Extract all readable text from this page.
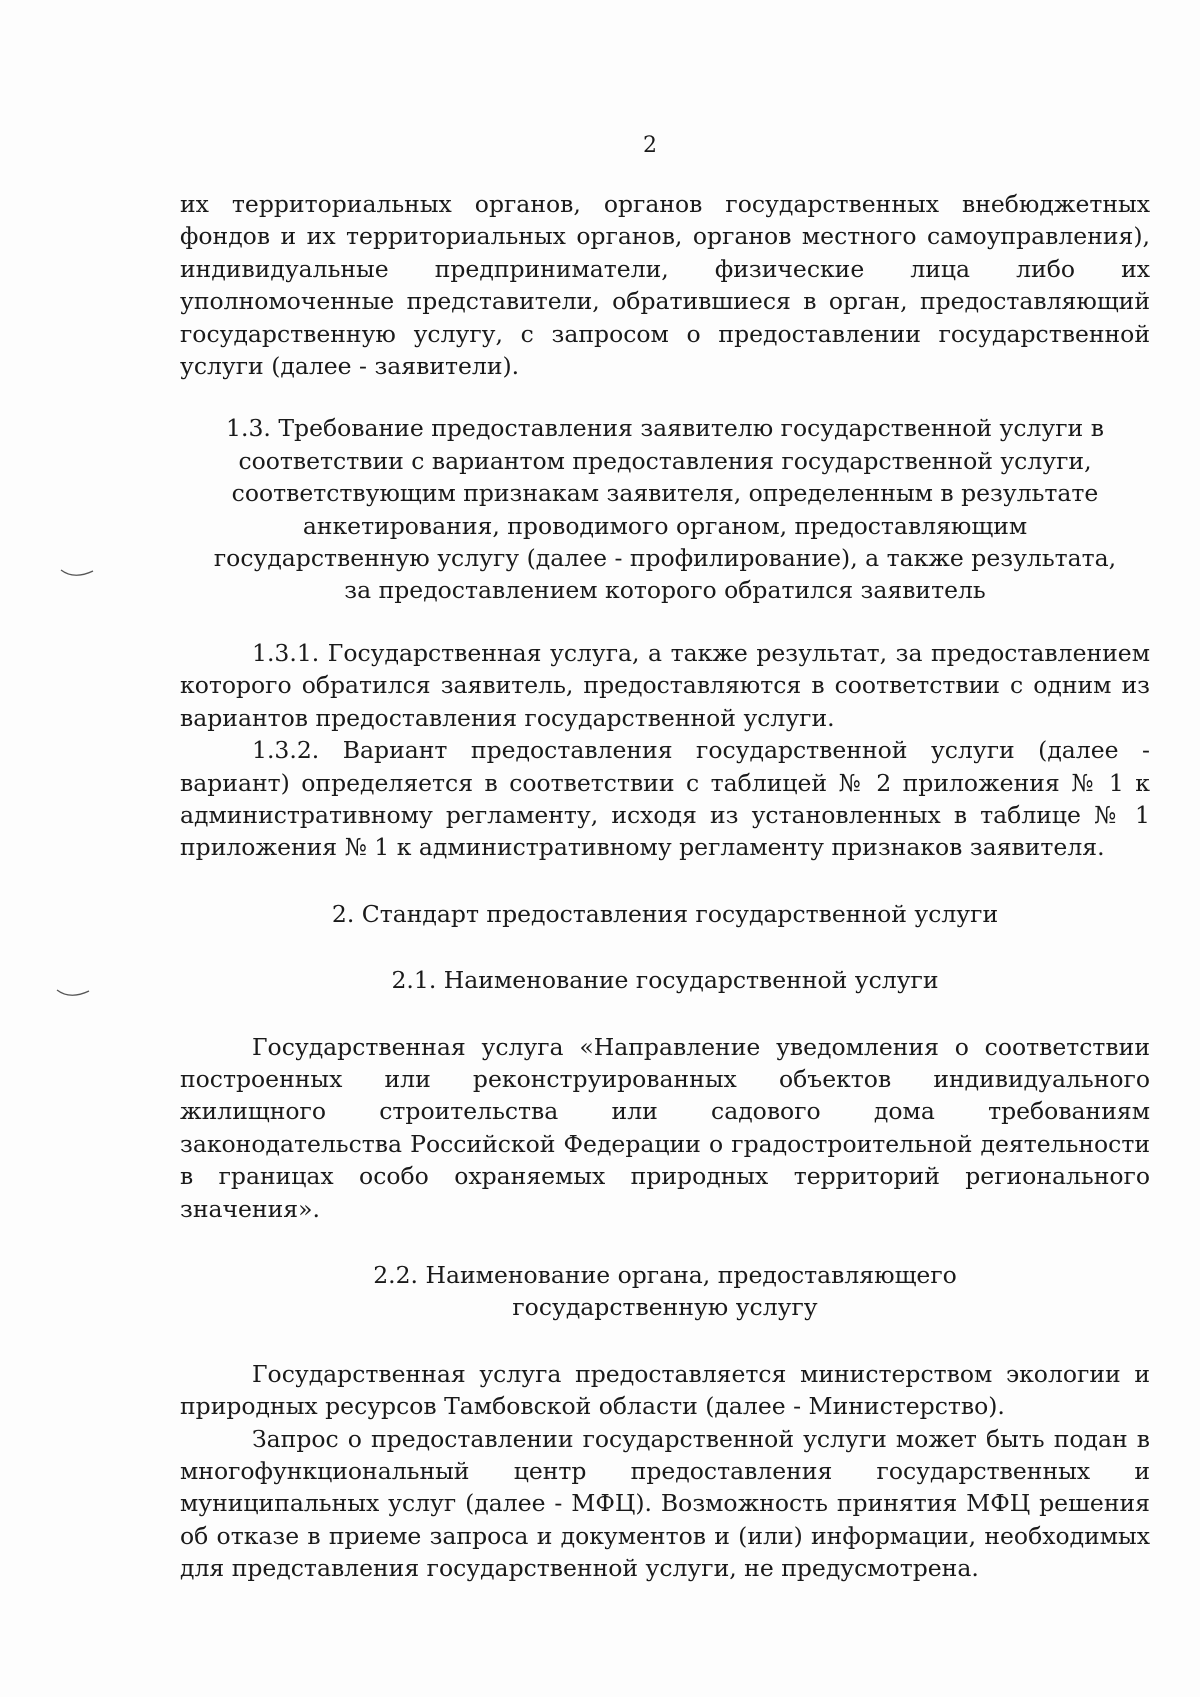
2

их территориальных органов, органов государственных внебюджетных фондов и их территориальных органов, органов местного самоуправления), индивидуальные предприниматели, физические лица либо их уполномоченные представители, обратившиеся в орган, предоставляющий государственную услугу, с запросом о предоставлении государственной услуги (далее - заявители).

1.3. Требование предоставления заявителю государственной услуги в соответствии с вариантом предоставления государственной услуги, соответствующим признакам заявителя, определенным в результате анкетирования, проводимого органом, предоставляющим государственную услугу (далее - профилирование), а также результата, за предоставлением которого обратился заявитель

1.3.1. Государственная услуга, а также результат, за предоставлением которого обратился заявитель, предоставляются в соответствии с одним из вариантов предоставления государственной услуги.

1.3.2. Вариант предоставления государственной услуги (далее - вариант) определяется в соответствии с таблицей № 2 приложения № 1 к административному регламенту, исходя из установленных в таблице № 1 приложения № 1 к административному регламенту признаков заявителя.

2. Стандарт предоставления государственной услуги

2.1. Наименование государственной услуги

Государственная услуга «Направление уведомления о соответствии построенных или реконструированных объектов индивидуального жилищного строительства или садового дома требованиям законодательства Российской Федерации о градостроительной деятельности в границах особо охраняемых природных территорий регионального значения».

2.2. Наименование органа, предоставляющего

государственную услугу

Государственная услуга предоставляется министерством экологии и природных ресурсов Тамбовской области (далее - Министерство).

Запрос о предоставлении государственной услуги может быть подан в многофункциональный центр предоставления государственных и муниципальных услуг (далее - МФЦ). Возможность принятия МФЦ решения об отказе в приеме запроса и документов и (или) информации, необходимых для представления государственной услуги, не предусмотрена.
